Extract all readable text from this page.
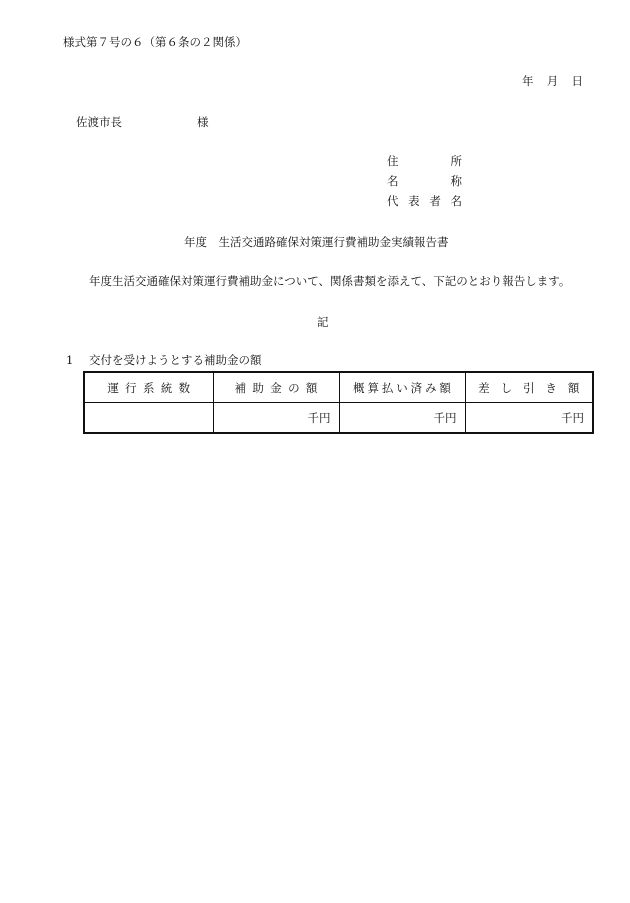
様式第７号の６（第６条の２関係）
年 月 日
佐渡市長	様
住	所
名	称
代 表 者 名
年度　生活交通路確保対策運行費補助金実績報告書
年度生活交通確保対策運行費補助金について、関係書類を添えて、下記のとおり報告します。
記
1 交付を受けようとする補助金の額
運行系統数	補助金の額	概算払い済み額	差し引き額
	千円	千円	千円
